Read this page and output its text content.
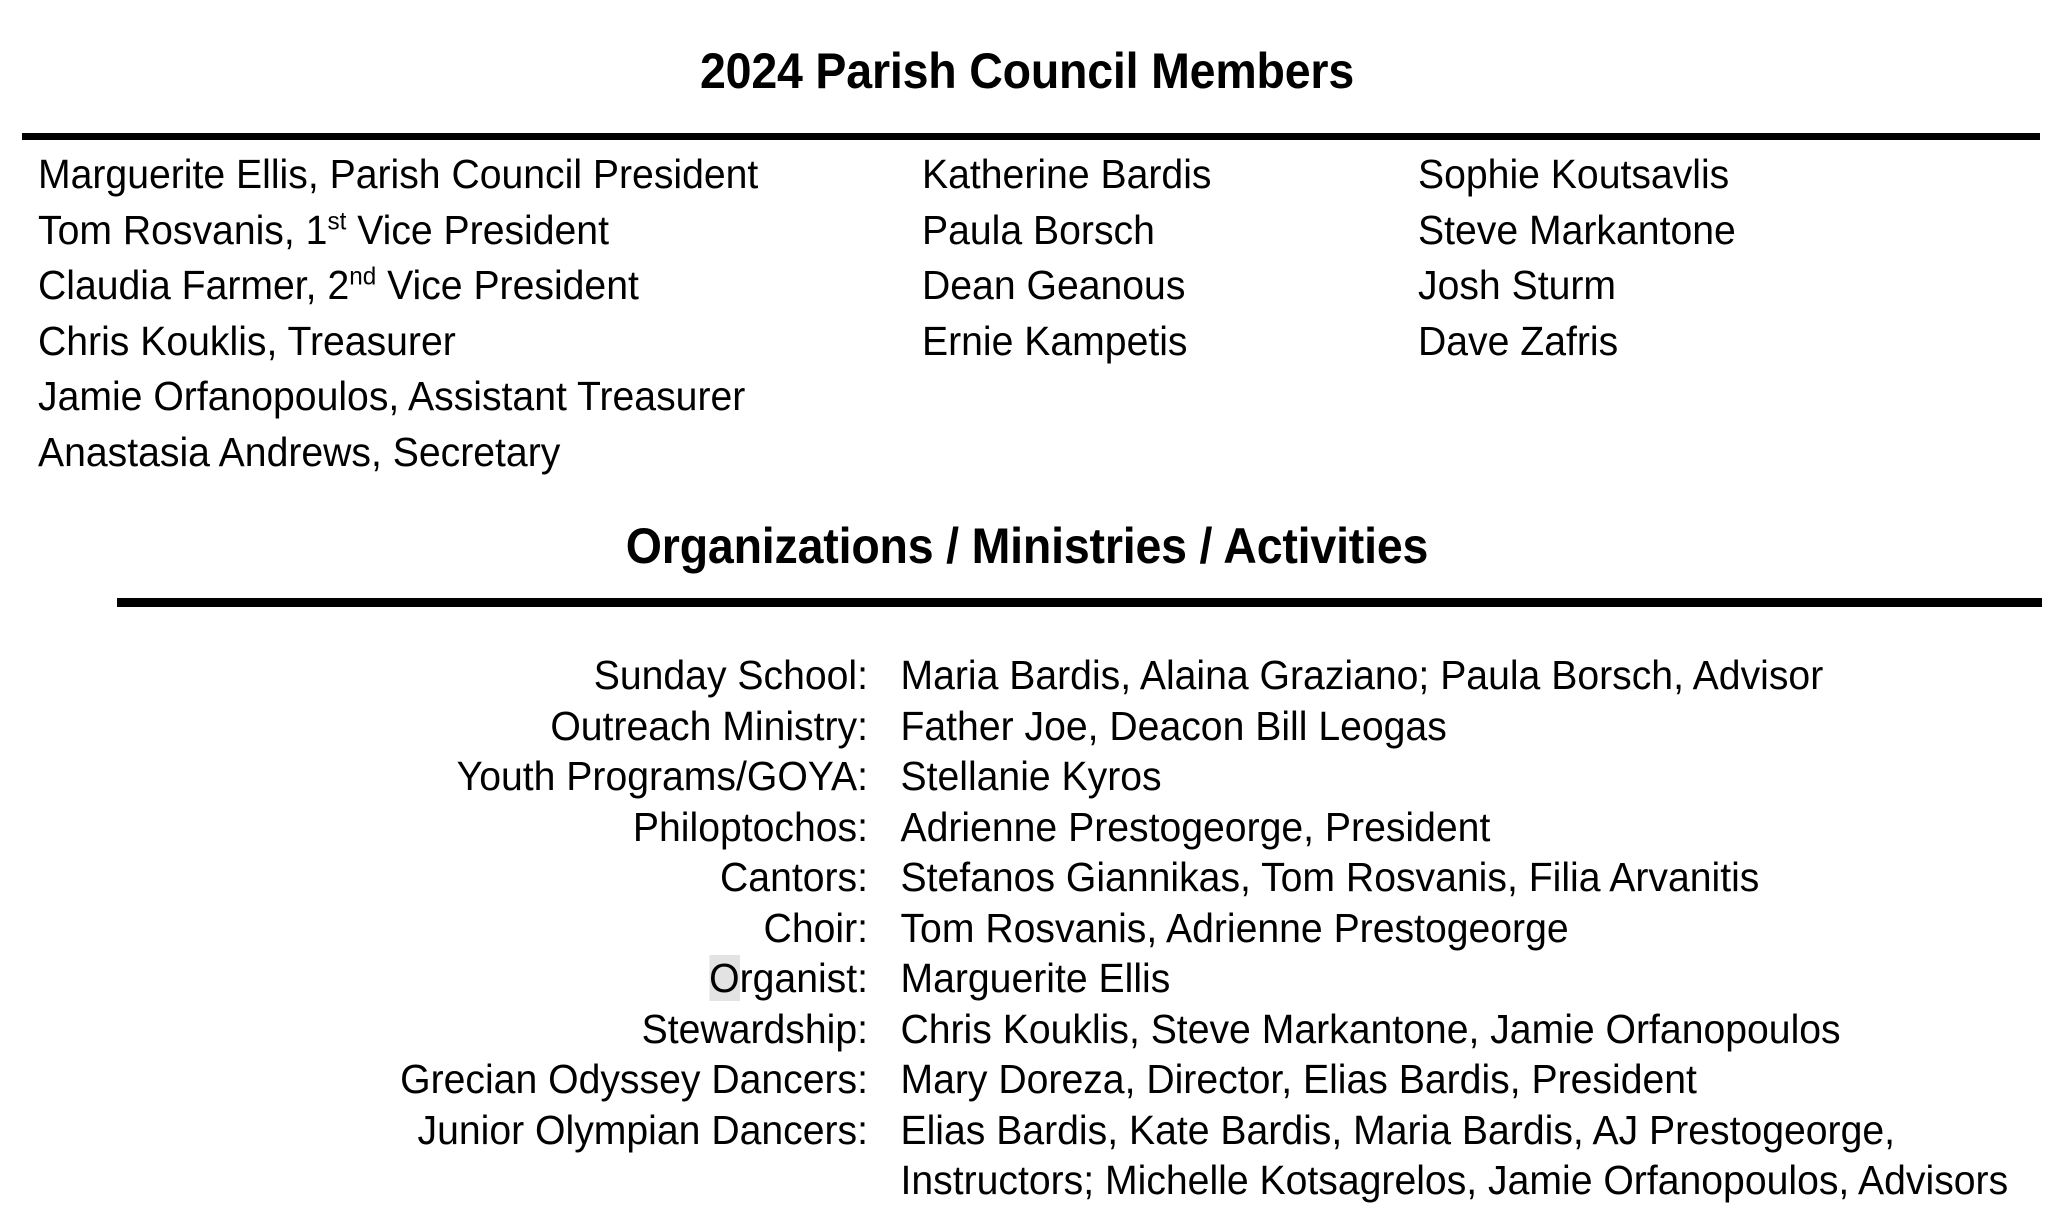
2024 Parish Council Members
Marguerite Ellis, Parish Council President
Tom Rosvanis, 1st Vice President
Claudia Farmer, 2nd Vice President
Chris Kouklis, Treasurer
Jamie Orfanopoulos, Assistant Treasurer
Anastasia Andrews, Secretary
Katherine Bardis
Paula Borsch
Dean Geanous
Ernie Kampetis
Sophie Koutsavlis
Steve Markantone
Josh Sturm
Dave Zafris
Organizations / Ministries / Activities
Sunday School: Maria Bardis, Alaina Graziano; Paula Borsch, Advisor
Outreach Ministry: Father Joe, Deacon Bill Leogas
Youth Programs/GOYA: Stellanie Kyros
Philoptochos: Adrienne Prestogeorge, President
Cantors: Stefanos Giannikas, Tom Rosvanis, Filia Arvanitis
Choir: Tom Rosvanis, Adrienne Prestogeorge
Organist: Marguerite Ellis
Stewardship: Chris Kouklis, Steve Markantone, Jamie Orfanopoulos
Grecian Odyssey Dancers: Mary Doreza, Director, Elias Bardis, President
Junior Olympian Dancers: Elias Bardis, Kate Bardis, Maria Bardis, AJ Prestogeorge,
Instructors; Michelle Kotsagrelos, Jamie Orfanopoulos, Advisors
